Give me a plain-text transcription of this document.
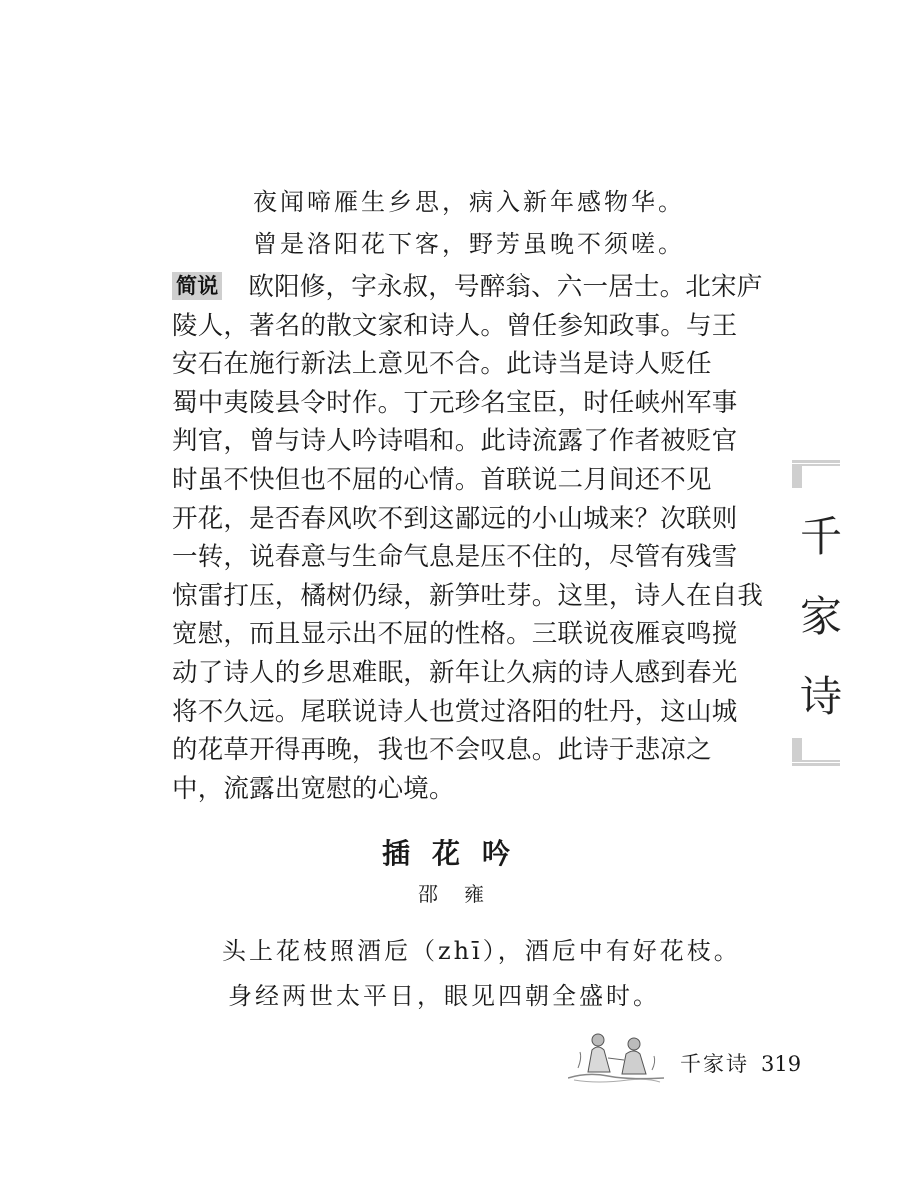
夜闻啼雁生乡思，病入新年感物华。
曾是洛阳花下客，野芳虽晚不须嗟。
简说 欧阳修，字永叔，号醉翁、六一居士。北宋庐
陵人，著名的散文家和诗人。曾任参知政事。与王
安石在施行新法上意见不合。此诗当是诗人贬任
蜀中夷陵县令时作。丁元珍名宝臣，时任峡州军事
判官，曾与诗人吟诗唱和。此诗流露了作者被贬官
时虽不快但也不屈的心情。首联说二月间还不见
开花，是否春风吹不到这鄙远的小山城来？次联则
一转，说春意与生命气息是压不住的，尽管有残雪
惊雷打压，橘树仍绿，新笋吐芽。这里，诗人在自我
宽慰，而且显示出不屈的性格。三联说夜雁哀鸣搅
动了诗人的乡思难眠，新年让久病的诗人感到春光
将不久远。尾联说诗人也赏过洛阳的牡丹，这山城
的花草开得再晚，我也不会叹息。此诗于悲凉之
中，流露出宽慰的心境。
插花吟
邵雍
头上花枝照酒卮（zhī），酒卮中有好花枝。
身经两世太平日，眼见四朝全盛时。
千
家
诗
千家诗 319
